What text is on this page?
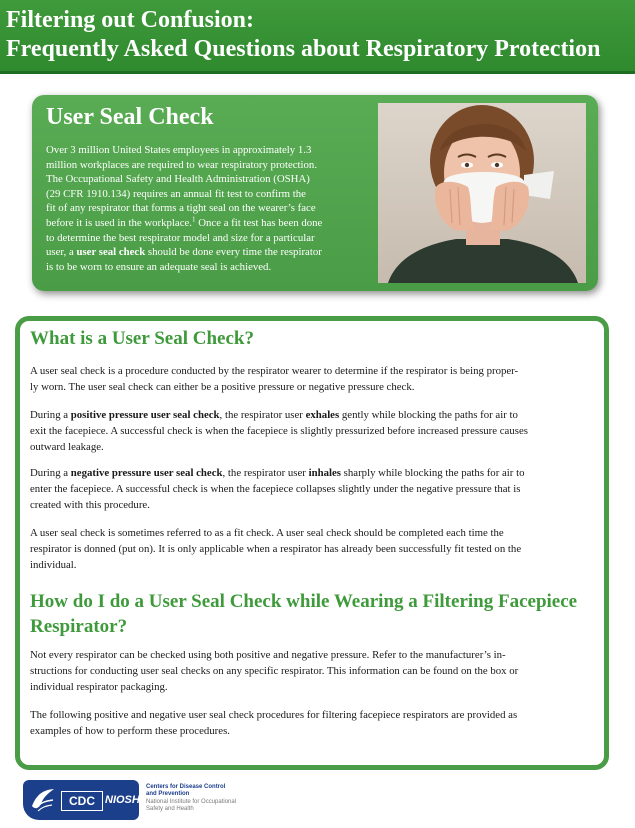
Filtering out Confusion:
Frequently Asked Questions about Respiratory Protection
User Seal Check
Over 3 million United States employees in approximately 1.3
million workplaces are required to wear respiratory protection.
The Occupational Safety and Health Administration (OSHA)
(29 CFR 1910.134) requires an annual fit test to confirm the
fit of any respirator that forms a tight seal on the wearer’s face
before it is used in the workplace.$^1$ Once a fit test has been done
to determine the best respirator model and size for a particular
user, a user seal check should be done every time the respirator
is to be worn to ensure an adequate seal is achieved.
What is a User Seal Check?
A user seal check is a procedure conducted by the respirator wearer to determine if the respirator is being proper-
ly worn. The user seal check can either be a positive pressure or negative pressure check.
During a positive pressure user seal check, the respirator user exhales gently while blocking the paths for air to
exit the facepiece. A successful check is when the facepiece is slightly pressurized before increased pressure causes
outward leakage.
During a negative pressure user seal check, the respirator user inhales sharply while blocking the paths for air to
enter the facepiece. A successful check is when the facepiece collapses slightly under the negative pressure that is
created with this procedure.
A user seal check is sometimes referred to as a fit check. A user seal check should be completed each time the
respirator is donned (put on). It is only applicable when a respirator has already been successfully fit tested on the
individual.
How do I do a User Seal Check while Wearing a Filtering Facepiece
Respirator?
Not every respirator can be checked using both positive and negative pressure. Refer to the manufacturer’s in-
structions for conducting user seal checks on any specific respirator. This information can be found on the box or
individual respirator packaging.
The following positive and negative user seal check procedures for filtering facepiece respirators are provided as
examples of how to perform these procedures.
CDC NIOSH
Centers for Disease Control
and Prevention
National Institute for Occupational
Safety and Health
